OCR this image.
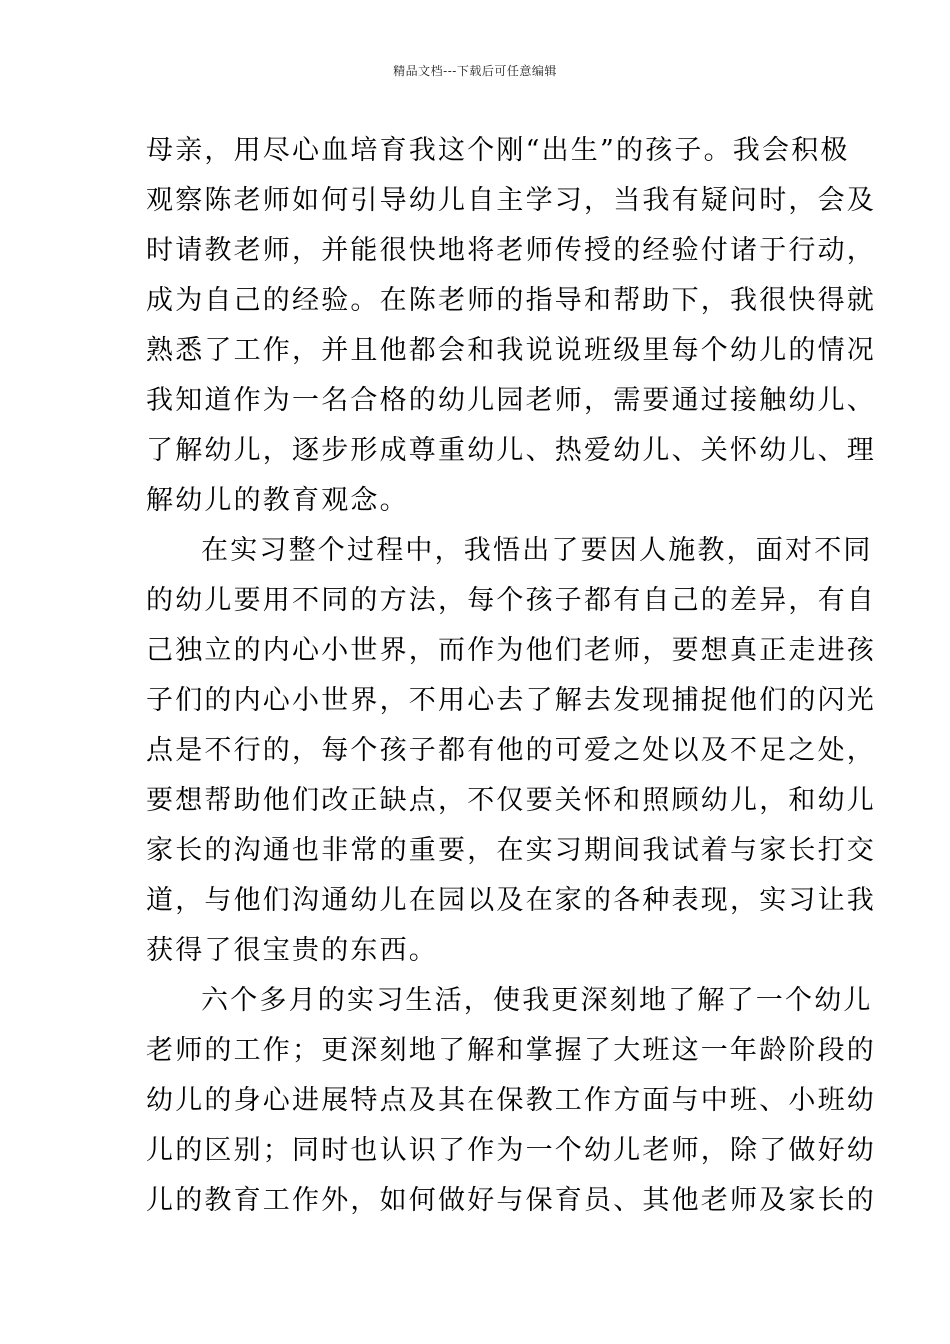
精品文档---下载后可任意编辑
母亲，用尽心血培育我这个刚“出生”的孩子。我会积极
观察陈老师如何引导幼儿自主学习，当我有疑问时，会及
时请教老师，并能很快地将老师传授的经验付诸于行动，
成为自己的经验。在陈老师的指导和帮助下，我很快得就
熟悉了工作，并且他都会和我说说班级里每个幼儿的情况
我知道作为一名合格的幼儿园老师，需要通过接触幼儿、
了解幼儿，逐步形成尊重幼儿、热爱幼儿、关怀幼儿、理
解幼儿的教育观念。
在实习整个过程中，我悟出了要因人施教，面对不同
的幼儿要用不同的方法，每个孩子都有自己的差异，有自
己独立的内心小世界，而作为他们老师，要想真正走进孩
子们的内心小世界，不用心去了解去发现捕捉他们的闪光
点是不行的，每个孩子都有他的可爱之处以及不足之处，
要想帮助他们改正缺点，不仅要关怀和照顾幼儿，和幼儿
家长的沟通也非常的重要，在实习期间我试着与家长打交
道，与他们沟通幼儿在园以及在家的各种表现，实习让我
获得了很宝贵的东西。
六个多月的实习生活，使我更深刻地了解了一个幼儿
老师的工作；更深刻地了解和掌握了大班这一年龄阶段的
幼儿的身心进展特点及其在保教工作方面与中班、小班幼
儿的区别；同时也认识了作为一个幼儿老师，除了做好幼
儿的教育工作外，如何做好与保育员、其他老师及家长的
